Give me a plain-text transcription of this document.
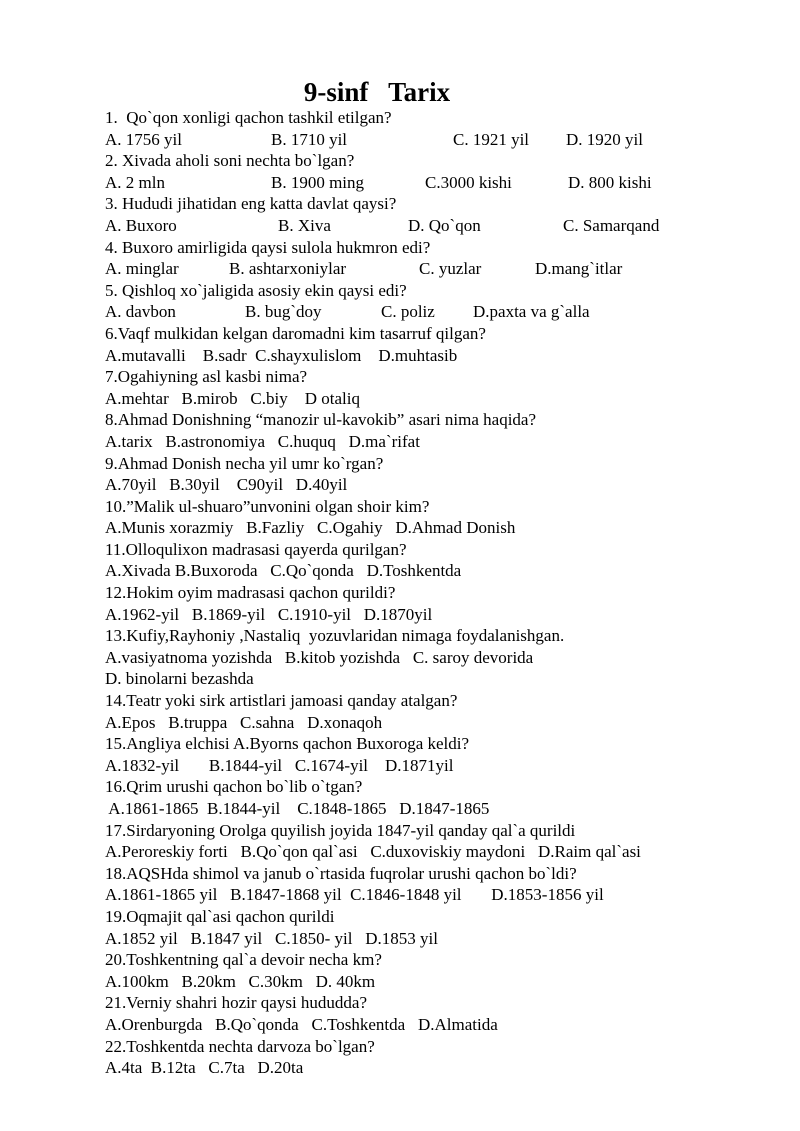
9-sinf   Tarix
1.  Qo`qon xonligi qachon tashkil etilgan?
A. 1756 yil	B. 1710 yil	C. 1921 yil D. 1920 yil
2. Xivada aholi soni nechta bo`lgan?
A. 2 mln	B. 1900 ming	C.3000 kishi	D. 800 kishi
3. Hududi jihatidan eng katta davlat qaysi?
A. Buxoro	B. Xiva	D. Qo`qon	C. Samarqand
4. Buxoro amirligida qaysi sulola hukmron edi?
A. minglar	B. ashtarxoniylar	C. yuzlar	D.mang`itlar
5. Qishloq xo`jaligida asosiy ekin qaysi edi?
A. davbon	B. bug`doy	C. poliz D.paxta va g`alla
6.Vaqf mulkidan kelgan daromadni kim tasarruf qilgan?
A.mutavalli    B.sadr  C.shayxulislom    D.muhtasib
7.Ogahiyning asl kasbi nima?
A.mehtar   B.mirob   C.biy    D otaliq
8.Ahmad Donishning “manozir ul-kavokib” asari nima haqida?
A.tarix   B.astronomiya   C.huquq   D.ma`rifat
9.Ahmad Donish necha yil umr ko`rgan?
A.70yil   B.30yil    C90yil   D.40yil
10.”Malik ul-shuaro”unvonini olgan shoir kim?
A.Munis xorazmiy   B.Fazliy   C.Ogahiy   D.Ahmad Donish
11.Olloqulixon madrasasi qayerda qurilgan?
A.Xivada B.Buxoroda   C.Qo`qonda   D.Toshkentda
12.Hokim oyim madrasasi qachon qurildi?
A.1962-yil   B.1869-yil   C.1910-yil   D.1870yil
13.Kufiy,Rayhoniy ,Nastaliq  yozuvlaridan nimaga foydalanishgan.
A.vasiyatnoma yozishda   B.kitob yozishda   C. saroy devorida
D. binolarni bezashda
14.Teatr yoki sirk artistlari jamoasi qanday atalgan?
A.Epos   B.truppa   C.sahna   D.xonaqoh
15.Angliya elchisi A.Byorns qachon Buxoroga keldi?
A.1832-yil       B.1844-yil   C.1674-yil    D.1871yil
16.Qrim urushi qachon bo`lib o`tgan?
A.1861-1865  B.1844-yil    C.1848-1865   D.1847-1865
17.Sirdaryoning Orolga quyilish joyida 1847-yil qanday qal`a qurildi
A.Peroreskiy forti   B.Qo`qon qal`asi   C.duxoviskiy maydoni   D.Raim qal`asi
18.AQSHda shimol va janub o`rtasida fuqrolar urushi qachon bo`ldi?
A.1861-1865 yil   B.1847-1868 yil  C.1846-1848 yil       D.1853-1856 yil
19.Oqmajit qal`asi qachon qurildi
A.1852 yil   B.1847 yil   C.1850- yil   D.1853 yil
20.Toshkentning qal`a devoir necha km?
A.100km   B.20km   C.30km   D. 40km
21.Verniy shahri hozir qaysi hududda?
A.Orenburgda   B.Qo`qonda   C.Toshkentda   D.Almatida
22.Toshkentda nechta darvoza bo`lgan?
A.4ta  B.12ta   C.7ta   D.20ta
